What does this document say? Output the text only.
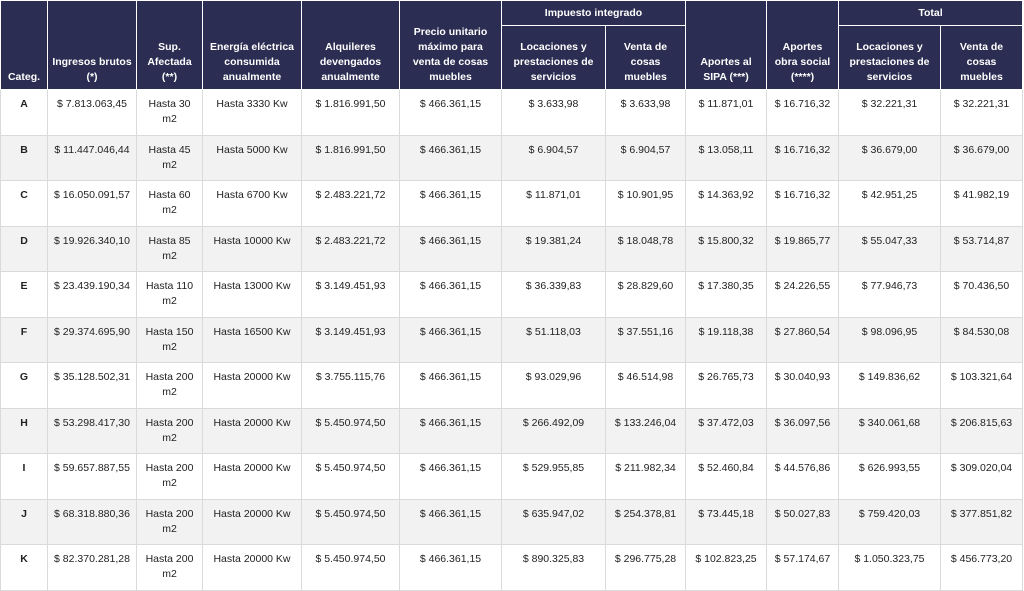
Categ.	Ingresos brutos (*)	Sup. Afectada (**)	Energía eléctrica consumida anualmente	Alquileres devengados anualmente	Precio unitario máximo para venta de cosas muebles	Impuesto integrado		Aportes al SIPA (***)	Aportes obra social (****)	Total	
						Locaciones y prestaciones de servicios	Venta de cosas muebles			Locaciones y prestaciones de servicios	Venta de cosas muebles
A	$ 7.813.063,45	Hasta 30 m2	Hasta 3330 Kw	$ 1.816.991,50	$ 466.361,15	$ 3.633,98	$ 3.633,98	$ 11.871,01	$ 16.716,32	$ 32.221,31	$ 32.221,31
B	$ 11.447.046,44	Hasta 45 m2	Hasta 5000 Kw	$ 1.816.991,50	$ 466.361,15	$ 6.904,57	$ 6.904,57	$ 13.058,11	$ 16.716,32	$ 36.679,00	$ 36.679,00
C	$ 16.050.091,57	Hasta 60 m2	Hasta 6700 Kw	$ 2.483.221,72	$ 466.361,15	$ 11.871,01	$ 10.901,95	$ 14.363,92	$ 16.716,32	$ 42.951,25	$ 41.982,19
D	$ 19.926.340,10	Hasta 85 m2	Hasta 10000 Kw	$ 2.483.221,72	$ 466.361,15	$ 19.381,24	$ 18.048,78	$ 15.800,32	$ 19.865,77	$ 55.047,33	$ 53.714,87
E	$ 23.439.190,34	Hasta 110 m2	Hasta 13000 Kw	$ 3.149.451,93	$ 466.361,15	$ 36.339,83	$ 28.829,60	$ 17.380,35	$ 24.226,55	$ 77.946,73	$ 70.436,50
F	$ 29.374.695,90	Hasta 150 m2	Hasta 16500 Kw	$ 3.149.451,93	$ 466.361,15	$ 51.118,03	$ 37.551,16	$ 19.118,38	$ 27.860,54	$ 98.096,95	$ 84.530,08
G	$ 35.128.502,31	Hasta 200 m2	Hasta 20000 Kw	$ 3.755.115,76	$ 466.361,15	$ 93.029,96	$ 46.514,98	$ 26.765,73	$ 30.040,93	$ 149.836,62	$ 103.321,64
H	$ 53.298.417,30	Hasta 200 m2	Hasta 20000 Kw	$ 5.450.974,50	$ 466.361,15	$ 266.492,09	$ 133.246,04	$ 37.472,03	$ 36.097,56	$ 340.061,68	$ 206.815,63
I	$ 59.657.887,55	Hasta 200 m2	Hasta 20000 Kw	$ 5.450.974,50	$ 466.361,15	$ 529.955,85	$ 211.982,34	$ 52.460,84	$ 44.576,86	$ 626.993,55	$ 309.020,04
J	$ 68.318.880,36	Hasta 200 m2	Hasta 20000 Kw	$ 5.450.974,50	$ 466.361,15	$ 635.947,02	$ 254.378,81	$ 73.445,18	$ 50.027,83	$ 759.420,03	$ 377.851,82
K	$ 82.370.281,28	Hasta 200 m2	Hasta 20000 Kw	$ 5.450.974,50	$ 466.361,15	$ 890.325,83	$ 296.775,28	$ 102.823,25	$ 57.174,67	$ 1.050.323,75	$ 456.773,20
